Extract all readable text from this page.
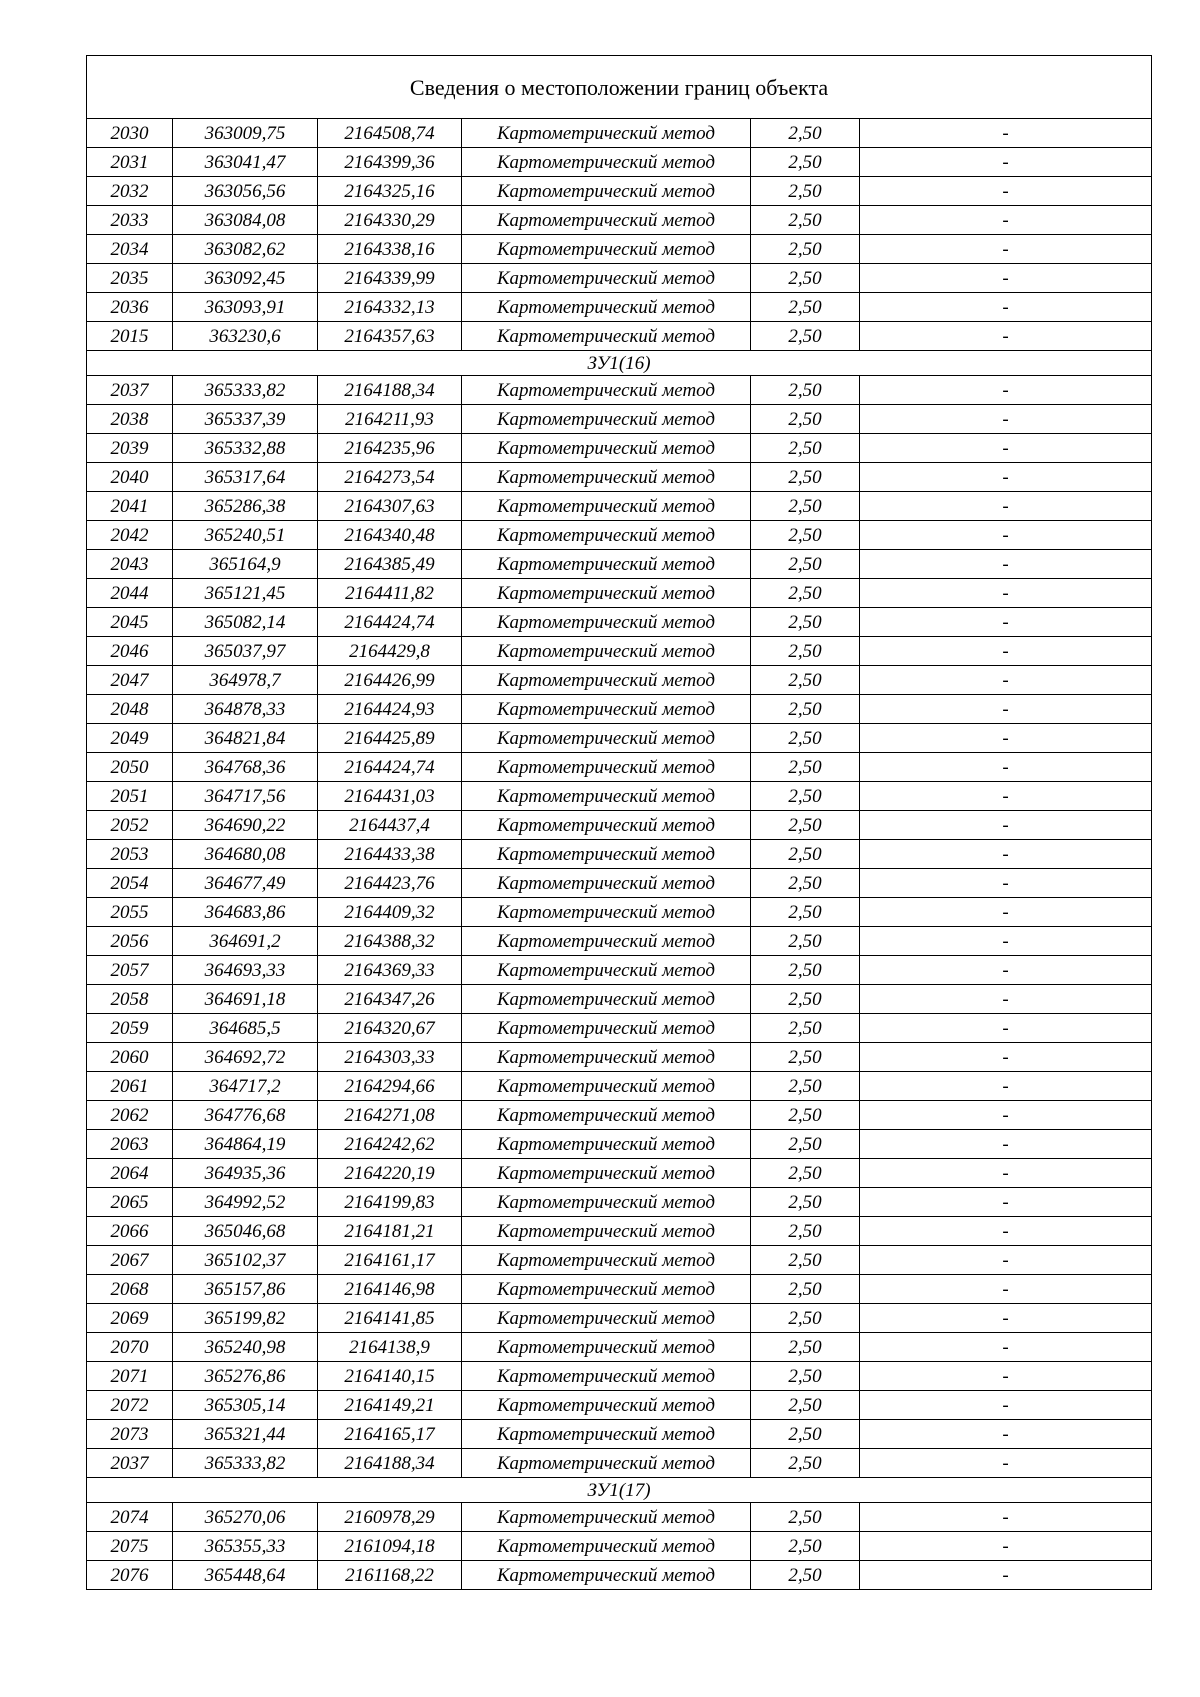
Сведения о местоположении границ объекта					
2030	363009,75	2164508,74	Картометрический метод	2,50	-
2031	363041,47	2164399,36	Картометрический метод	2,50	-
2032	363056,56	2164325,16	Картометрический метод	2,50	-
2033	363084,08	2164330,29	Картометрический метод	2,50	-
2034	363082,62	2164338,16	Картометрический метод	2,50	-
2035	363092,45	2164339,99	Картометрический метод	2,50	-
2036	363093,91	2164332,13	Картометрический метод	2,50	-
2015	363230,6	2164357,63	Картометрический метод	2,50	-
ЗУ1(16)					
2037	365333,82	2164188,34	Картометрический метод	2,50	-
2038	365337,39	2164211,93	Картометрический метод	2,50	-
2039	365332,88	2164235,96	Картометрический метод	2,50	-
2040	365317,64	2164273,54	Картометрический метод	2,50	-
2041	365286,38	2164307,63	Картометрический метод	2,50	-
2042	365240,51	2164340,48	Картометрический метод	2,50	-
2043	365164,9	2164385,49	Картометрический метод	2,50	-
2044	365121,45	2164411,82	Картометрический метод	2,50	-
2045	365082,14	2164424,74	Картометрический метод	2,50	-
2046	365037,97	2164429,8	Картометрический метод	2,50	-
2047	364978,7	2164426,99	Картометрический метод	2,50	-
2048	364878,33	2164424,93	Картометрический метод	2,50	-
2049	364821,84	2164425,89	Картометрический метод	2,50	-
2050	364768,36	2164424,74	Картометрический метод	2,50	-
2051	364717,56	2164431,03	Картометрический метод	2,50	-
2052	364690,22	2164437,4	Картометрический метод	2,50	-
2053	364680,08	2164433,38	Картометрический метод	2,50	-
2054	364677,49	2164423,76	Картометрический метод	2,50	-
2055	364683,86	2164409,32	Картометрический метод	2,50	-
2056	364691,2	2164388,32	Картометрический метод	2,50	-
2057	364693,33	2164369,33	Картометрический метод	2,50	-
2058	364691,18	2164347,26	Картометрический метод	2,50	-
2059	364685,5	2164320,67	Картометрический метод	2,50	-
2060	364692,72	2164303,33	Картометрический метод	2,50	-
2061	364717,2	2164294,66	Картометрический метод	2,50	-
2062	364776,68	2164271,08	Картометрический метод	2,50	-
2063	364864,19	2164242,62	Картометрический метод	2,50	-
2064	364935,36	2164220,19	Картометрический метод	2,50	-
2065	364992,52	2164199,83	Картометрический метод	2,50	-
2066	365046,68	2164181,21	Картометрический метод	2,50	-
2067	365102,37	2164161,17	Картометрический метод	2,50	-
2068	365157,86	2164146,98	Картометрический метод	2,50	-
2069	365199,82	2164141,85	Картометрический метод	2,50	-
2070	365240,98	2164138,9	Картометрический метод	2,50	-
2071	365276,86	2164140,15	Картометрический метод	2,50	-
2072	365305,14	2164149,21	Картометрический метод	2,50	-
2073	365321,44	2164165,17	Картометрический метод	2,50	-
2037	365333,82	2164188,34	Картометрический метод	2,50	-
ЗУ1(17)					
2074	365270,06	2160978,29	Картометрический метод	2,50	-
2075	365355,33	2161094,18	Картометрический метод	2,50	-
2076	365448,64	2161168,22	Картометрический метод	2,50	-
